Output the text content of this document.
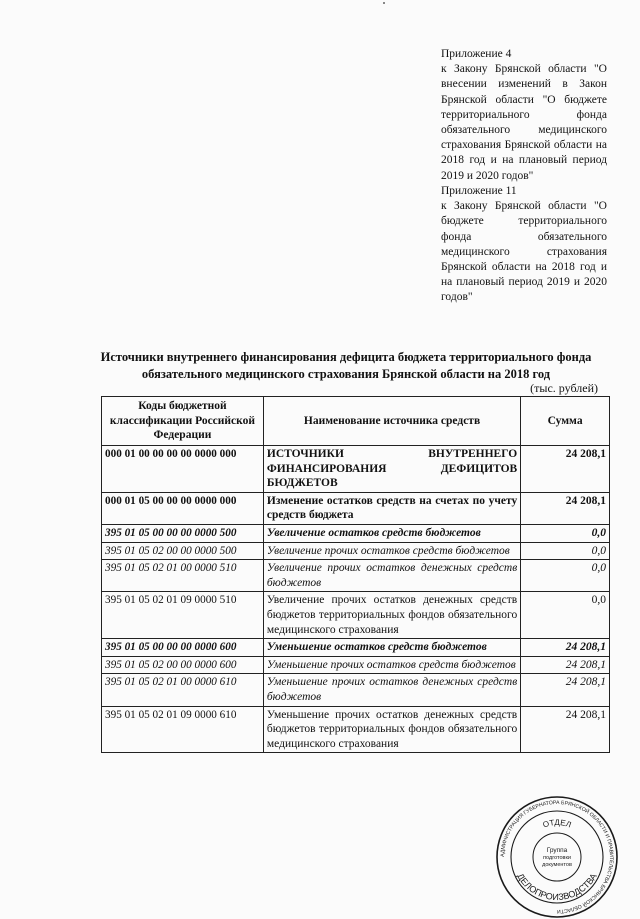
Приложение 4
к Закону Брянской области "О внесении изменений в Закон Брянской области "О бюджете территориального фонда обязательного медицинского страхования Брянской области на 2018 год и на плановый период 2019 и 2020 годов"
Приложение 11
к Закону Брянской области "О бюджете территориального фонда обязательного медицинского страхования Брянской области на 2018 год и на плановый период 2019 и 2020 годов"
Источники внутреннего финансирования дефицита бюджета территориального фонда обязательного медицинского страхования Брянской области на 2018 год
(тыс. рублей)
Коды бюджетной классификации Российской Федерации	Наименование источника средств	Сумма
000 01 00 00 00 00 0000 000	ИСТОЧНИКИ ВНУТРЕННЕГО ФИНАНСИРОВАНИЯ ДЕФИЦИТОВ БЮДЖЕТОВ	24 208,1
000 01 05 00 00 00 0000 000	Изменение остатков средств на счетах по учету средств бюджета	24 208,1
395 01 05 00 00 00 0000 500	Увеличение остатков средств бюджетов	0,0
395 01 05 02 00 00 0000 500	Увеличение прочих остатков средств бюджетов	0,0
395 01 05 02 01 00 0000 510	Увеличение прочих остатков денежных средств бюджетов	0,0
395 01 05 02 01 09 0000 510	Увеличение прочих остатков денежных средств бюджетов территориальных фондов обязательного медицинского страхования	0,0
395 01 05 00 00 00 0000 600	Уменьшение остатков средств бюджетов	24 208,1
395 01 05 02 00 00 0000 600	Уменьшение прочих остатков средств бюджетов	24 208,1
395 01 05 02 01 00 0000 610	Уменьшение прочих остатков денежных средств бюджетов	24 208,1
395 01 05 02 01 09 0000 610	Уменьшение прочих остатков денежных средств бюджетов территориальных фондов обязательного медицинского страхования	24 208,1
АДМИНИСТРАЦИЯ ГУБЕРНАТОРА БРЯНСКОЙ ОБЛАСТИ И ПРАВИТЕЛЬСТВА БРЯНСКОЙ ОБЛАСТИ
ОТДЕЛ
ДЕЛОПРОИЗВОДСТВА
Группа
подготовки
документов
